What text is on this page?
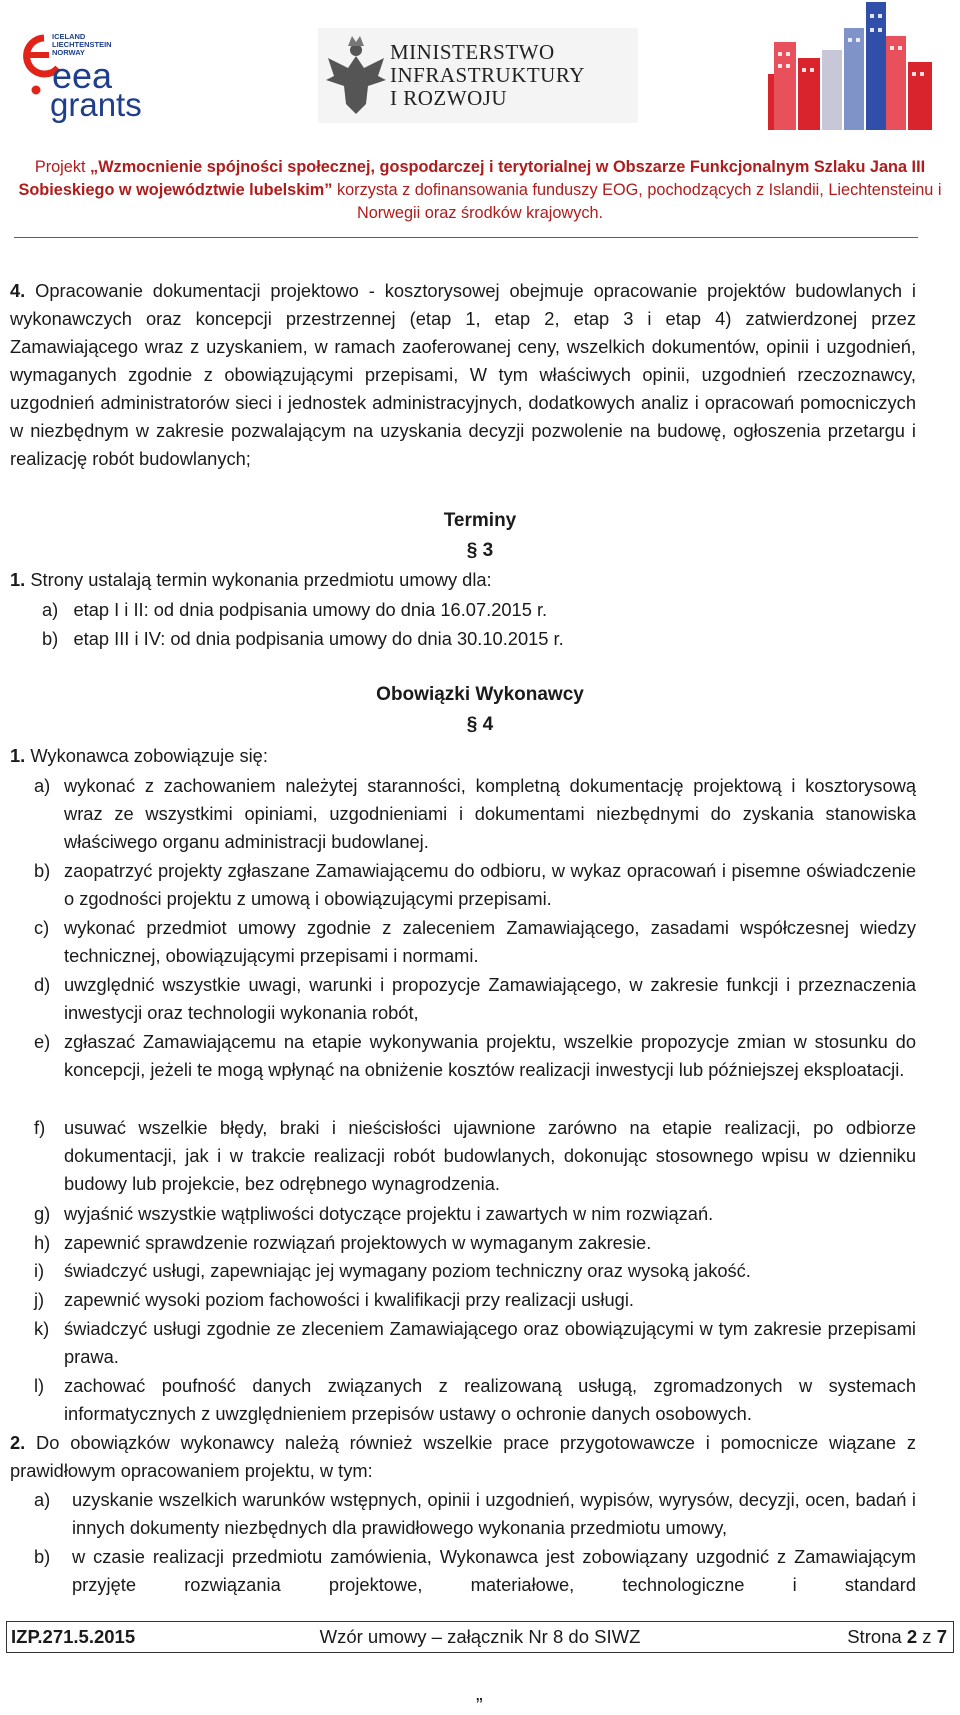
ICELAND
LIECHTENSTEIN
NORWAY
eea
grants
MINISTERSTWO
INFRASTRUKTURY
I ROZWOJU
Projekt „Wzmocnienie spójności społecznej, gospodarczej i terytorialnej w Obszarze Funkcjonalnym Szlaku Jana III Sobieskiego w województwie lubelskim” korzysta z dofinansowania funduszy EOG, pochodzących z Islandii, Liechtensteinu i Norwegii oraz środków krajowych.
4. Opracowanie dokumentacji projektowo - kosztorysowej obejmuje opracowanie projektów budowlanych i wykonawczych oraz koncepcji przestrzennej (etap 1, etap 2, etap 3 i etap 4) zatwierdzonej przez Zamawiającego wraz z uzyskaniem, w ramach zaoferowanej ceny, wszelkich dokumentów, opinii i uzgodnień, wymaganych zgodnie z obowiązującymi przepisami, W tym właściwych opinii, uzgodnień rzeczoznawcy, uzgodnień administratorów sieci i jednostek administracyjnych, dodatkowych analiz i opracowań pomocniczych w niezbędnym w zakresie pozwalającym na uzyskania decyzji pozwolenie na budowę, ogłoszenia przetargu i realizację robót budowlanych;
Terminy
§ 3
1. Strony ustalają termin wykonania przedmiotu umowy dla:
a)   etap I i II: od dnia podpisania umowy do dnia 16.07.2015 r.
b)   etap III i IV: od dnia podpisania umowy do dnia 30.10.2015 r.
Obowiązki Wykonawcy
§ 4
1. Wykonawca zobowiązuje się:
a) wykonać z zachowaniem należytej staranności, kompletną dokumentację projektową i kosztorysową wraz ze wszystkimi opiniami, uzgodnieniami i dokumentami niezbędnymi do zyskania stanowiska właściwego organu administracji budowlanej.
b) zaopatrzyć projekty zgłaszane Zamawiającemu do odbioru, w wykaz opracowań i pisemne oświadczenie o zgodności projektu z umową i obowiązującymi przepisami.
c) wykonać przedmiot umowy zgodnie z zaleceniem Zamawiającego, zasadami współczesnej wiedzy technicznej, obowiązującymi przepisami i normami.
d) uwzględnić wszystkie uwagi, warunki i propozycje Zamawiającego, w zakresie funkcji i przeznaczenia inwestycji oraz technologii wykonania robót,
e) zgłaszać Zamawiającemu na etapie wykonywania projektu, wszelkie propozycje zmian w stosunku do koncepcji, jeżeli te mogą wpłynąć na obniżenie kosztów realizacji inwestycji lub późniejszej eksploatacji.
f) usuwać wszelkie błędy, braki i nieścisłości ujawnione zarówno na etapie realizacji, po odbiorze dokumentacji, jak i w trakcie realizacji robót budowlanych, dokonując stosownego wpisu w dzienniku budowy lub projekcie, bez odrębnego wynagrodzenia.
g) wyjaśnić wszystkie wątpliwości dotyczące projektu i zawartych w nim rozwiązań.
h) zapewnić sprawdzenie rozwiązań projektowych w wymaganym zakresie.
i) świadczyć usługi, zapewniając jej wymagany poziom techniczny oraz wysoką jakość.
j) zapewnić wysoki poziom fachowości i kwalifikacji przy realizacji usługi.
k) świadczyć usługi zgodnie ze zleceniem Zamawiającego oraz obowiązującymi w tym zakresie przepisami prawa.
l) zachować poufność danych związanych z realizowaną usługą, zgromadzonych w systemach informatycznych z uwzględnieniem przepisów ustawy o ochronie danych osobowych.
2. Do obowiązków wykonawcy należą również wszelkie prace przygotowawcze i pomocnicze wiązane z prawidłowym opracowaniem projektu, w tym:
a) uzyskanie wszelkich warunków wstępnych, opinii i uzgodnień, wypisów, wyrysów, decyzji, ocen, badań i innych dokumenty niezbędnych dla prawidłowego wykonania przedmiotu umowy,
b) w czasie realizacji przedmiotu zamówienia, Wykonawca jest zobowiązany uzgodnić z Zamawiającym przyjęte rozwiązania projektowe, materiałowe, technologiczne i standard
Wzór umowy – załącznik Nr 8 do SIWZ
IZP.271.5.2015	Strona 2 z 7
„
